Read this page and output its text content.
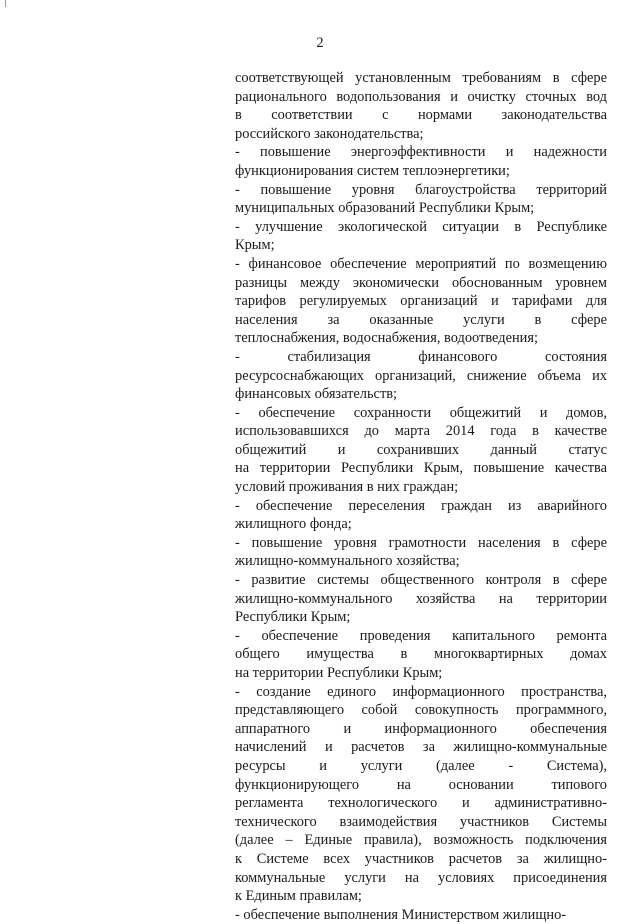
2
соответствующей установленным требованиям в сфере
рационального водопользования и очистку сточных вод
в соответствии с нормами законодательства
российского законодательства;
- повышение энергоэффективности и надежности
функционирования систем теплоэнергетики;
- повышение уровня благоустройства территорий
муниципальных образований Республики Крым;
- улучшение экологической ситуации в Республике
Крым;
- финансовое обеспечение мероприятий по возмещению
разницы между экономически обоснованным уровнем
тарифов регулируемых организаций и тарифами для
населения за оказанные услуги в сфере
теплоснабжения, водоснабжения, водоотведения;
- стабилизация финансового состояния
ресурсоснабжающих организаций, снижение объема их
финансовых обязательств;
- обеспечение сохранности общежитий и домов,
использовавшихся до марта 2014 года в качестве
общежитий и сохранивших данный статус
на территории Республики Крым, повышение качества
условий проживания в них граждан;
- обеспечение переселения граждан из аварийного
жилищного фонда;
- повышение уровня грамотности населения в сфере
жилищно-коммунального хозяйства;
- развитие системы общественного контроля в сфере
жилищно-коммунального хозяйства на территории
Республики Крым;
- обеспечение проведения капитального ремонта
общего имущества в многоквартирных домах
на территории Республики Крым;
- создание единого информационного пространства,
представляющего собой совокупность программного,
аппаратного и информационного обеспечения
начислений и расчетов за жилищно-коммунальные
ресурсы и услуги (далее - Система),
функционирующего на основании типового
регламента технологического и административно-
технического взаимодействия участников Системы
(далее – Единые правила), возможность подключения
к Системе всех участников расчетов за жилищно-
коммунальные услуги на условиях присоединения
к Единым правилам;
- обеспечение выполнения Министерством жилищно-
